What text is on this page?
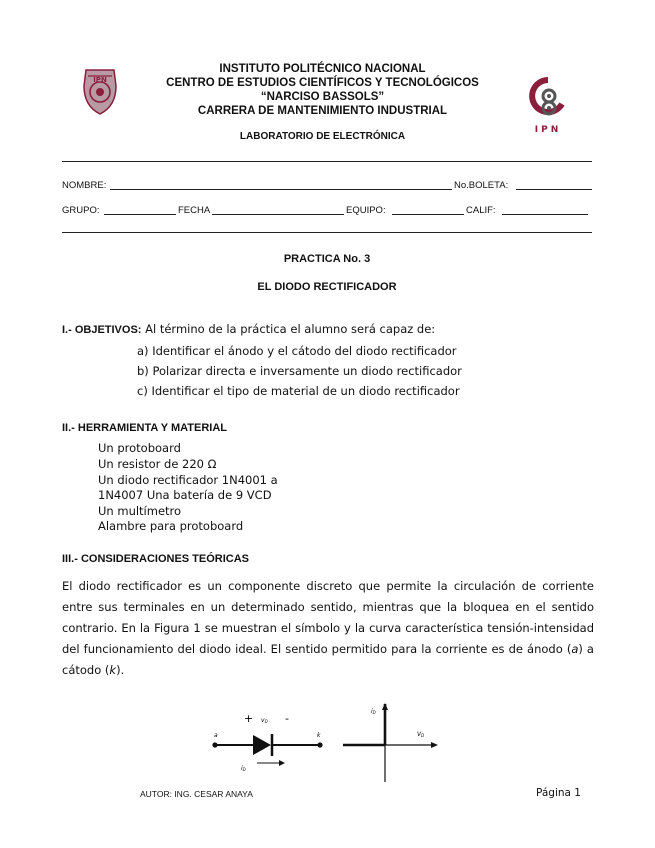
IPN
INSTITUTO POLITÉCNICO NACIONAL
CENTRO DE ESTUDIOS CIENTÍFICOS Y TECNOLÓGICOS
“NARCISO BASSOLS”
CARRERA DE MANTENIMIENTO INDUSTRIAL
LABORATORIO DE ELECTRÓNICA
IPN
NOMBRE:	No.BOLETA:
GRUPO:	FECHA	EQUIPO:	CALIF:
PRACTICA No. 3
EL DIODO RECTIFICADOR
I.- OBJETIVOS: Al término de la práctica el alumno será capaz de:
a) Identificar el ánodo y el cátodo del diodo rectificador
b) Polarizar directa e inversamente un diodo rectificador
c) Identificar el tipo de material de un diodo rectificador
II.- HERRAMIENTA Y MATERIAL
Un protoboard
Un resistor de 220 Ω
Un diodo rectificador 1N4001 a
1N4007 Una batería de 9 VCD
Un multímetro
Alambre para protoboard
III.- CONSIDERACIONES TEÓRICAS
El diodo rectificador es un componente discreto que permite la circulación de corriente entre sus terminales en un determinado sentido, mientras que la bloquea en el sentido contrario. En la Figura 1 se muestran el símbolo y la curva característica tensión-intensidad del funcionamiento del diodo ideal. El sentido permitido para la corriente es de ánodo (a) a cátodo (k).
+	-
vD
a	k
iD
iD
VD
AUTOR: ING. CESAR ANAYA	Página 1
